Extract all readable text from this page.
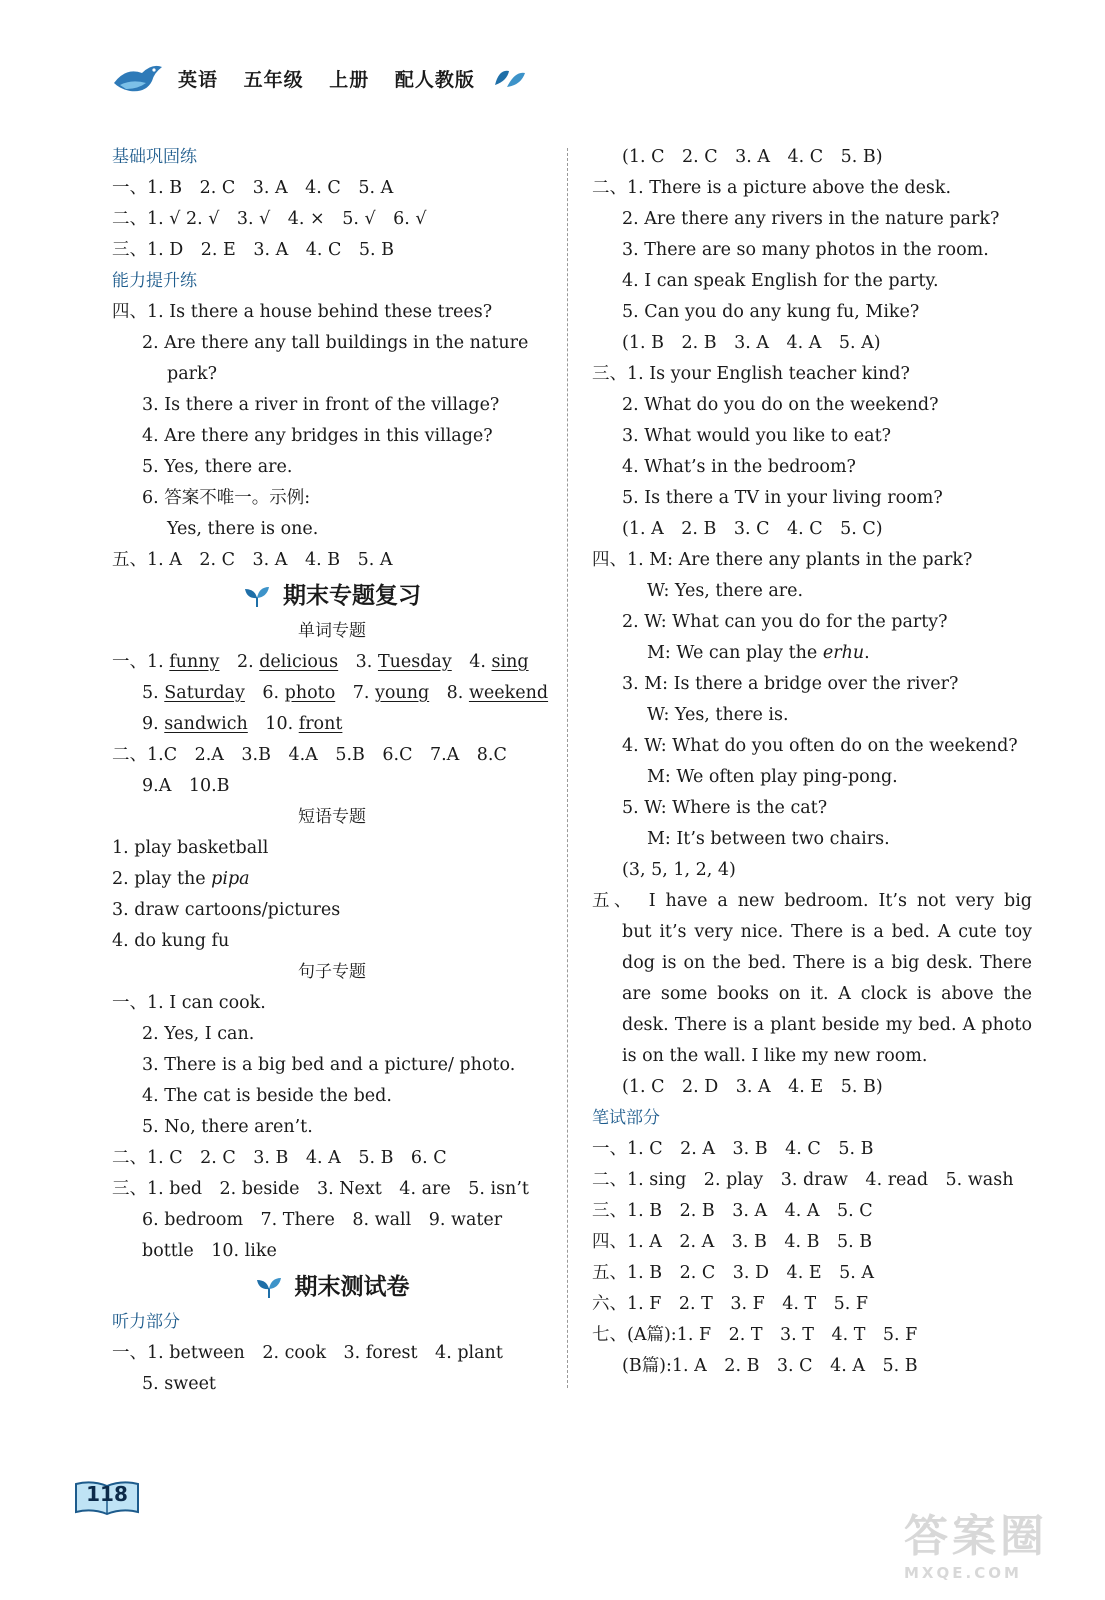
英语 五年级 上册 配人教版
基础巩固练
一、1. B　2. C　3. A　4. C　5. A
二、1. √ 2. √　3. √　4. ×　5. √　6. √
三、1. D　2. E　3. A　4. C　5. B
能力提升练
四、1. Is there a house behind these trees?
2. Are there any tall buildings in the nature
park?
3. Is there a river in front of the village?
4. Are there any bridges in this village?
5. Yes, there are.
6. 答案不唯一。示例:
Yes, there is one.
五、1. A　2. C　3. A　4. B　5. A
期末专题复习
单词专题
一、1. funny　2. delicious　3. Tuesday　4. sing
5. Saturday　6. photo　7. young　8. weekend
9. sandwich　10. front
二、1.C　2.A　3.B　4.A　5.B　6.C　7.A　8.C
9.A　10.B
短语专题
1. play basketball
2. play the pipa
3. draw cartoons/pictures
4. do kung fu
句子专题
一、1. I can cook.
2. Yes, I can.
3. There is a big bed and a picture/ photo.
4. The cat is beside the bed.
5. No, there aren’t.
二、1. C　2. C　3. B　4. A　5. B　6. C
三、1. bed　2. beside　3. Next　4. are　5. isn’t
6. bedroom　7. There　8. wall　9. water
bottle　10. like
期末测试卷
听力部分
一、1. between　2. cook　3. forest　4. plant
5. sweet
(1. C　2. C　3. A　4. C　5. B)
二、1. There is a picture above the desk.
2. Are there any rivers in the nature park?
3. There are so many photos in the room.
4. I can speak English for the party.
5. Can you do any kung fu, Mike?
(1. B　2. B　3. A　4. A　5. A)
三、1. Is your English teacher kind?
2. What do you do on the weekend?
3. What would you like to eat?
4. What’s in the bedroom?
5. Is there a TV in your living room?
(1. A　2. B　3. C　4. C　5. C)
四、1. M: Are there any plants in the park?
W: Yes, there are.
2. W: What can you do for the party?
M: We can play the erhu.
3. M: Is there a bridge over the river?
W: Yes, there is.
4. W: What do you often do on the weekend?
M: We often play ping-pong.
5. W: Where is the cat?
M: It’s between two chairs.
(3, 5, 1, 2, 4)
五、　I have a new bedroom. It’s not very big
but it’s very nice. There is a bed. A cute toy
dog is on the bed. There is a big desk. There
are some books on it. A clock is above the
desk. There is a plant beside my bed. A photo
is on the wall. I like my new room.
(1. C　2. D　3. A　4. E　5. B)
笔试部分
一、1. C　2. A　3. B　4. C　5. B
二、1. sing　2. play　3. draw　4. read　5. wash
三、1. B　2. B　3. A　4. A　5. C
四、1. A　2. A　3. B　4. B　5. B
五、1. B　2. C　3. D　4. E　5. A
六、1. F　2. T　3. F　4. T　5. F
七、(A篇):1. F　2. T　3. T　4. T　5. F
(B篇):1. A　2. B　3. C　4. A　5. B
118
答案圈
MXQE.COM
